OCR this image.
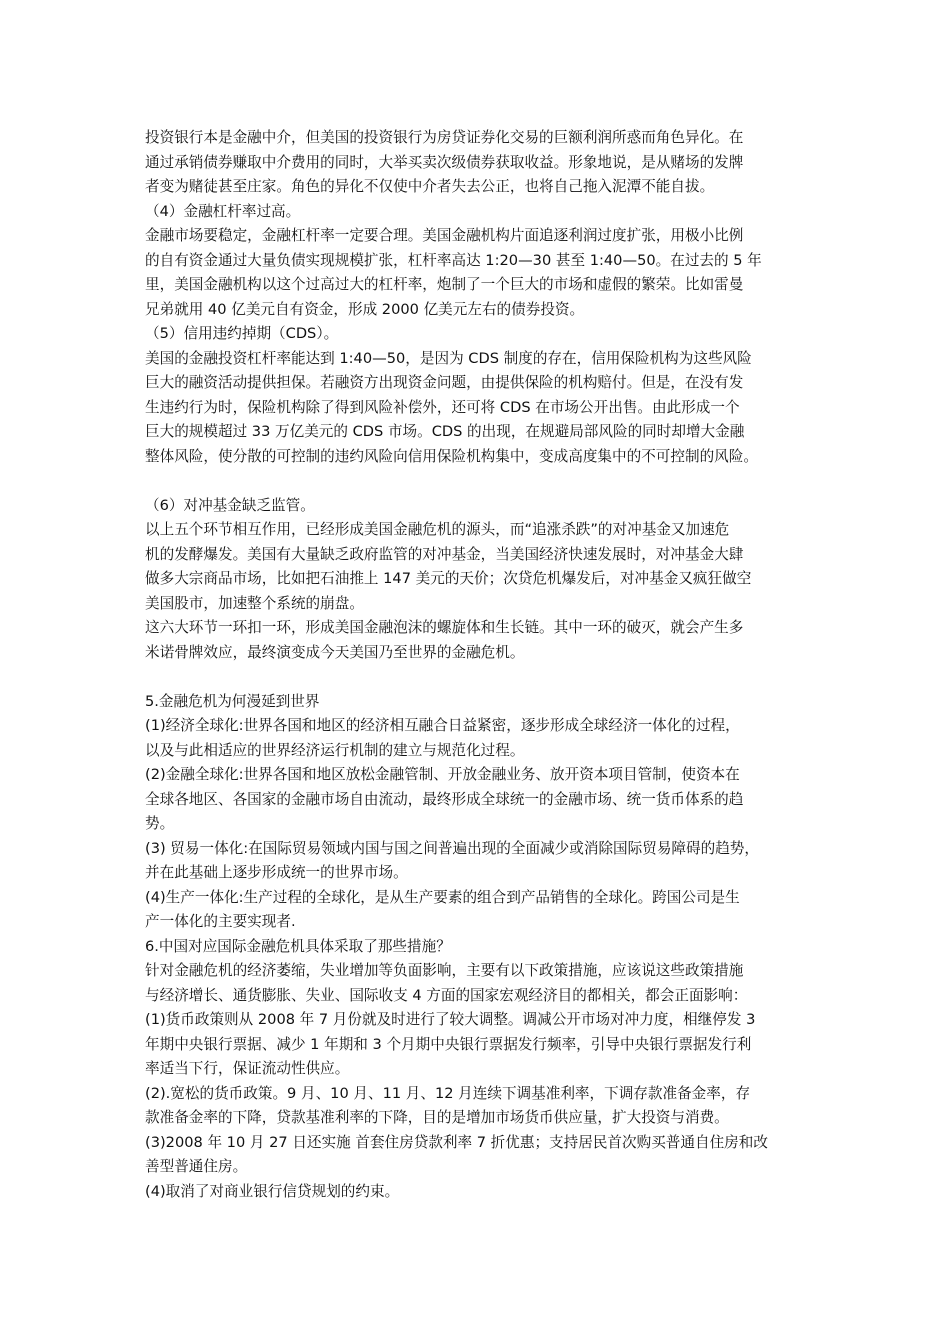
投资银行本是金融中介，但美国的投资银行为房贷证券化交易的巨额利润所惑而角色异化。在
通过承销债券赚取中介费用的同时，大举买卖次级债券获取收益。形象地说，是从赌场的发牌
者变为赌徒甚至庄家。角色的异化不仅使中介者失去公正，也将自己拖入泥潭不能自拔。
（4）金融杠杆率过高。
金融市场要稳定，金融杠杆率一定要合理。美国金融机构片面追逐利润过度扩张，用极小比例
的自有资金通过大量负债实现规模扩张，杠杆率高达 1:20—30 甚至 1:40—50。在过去的 5 年
里，美国金融机构以这个过高过大的杠杆率，炮制了一个巨大的市场和虚假的繁荣。比如雷曼
兄弟就用 40 亿美元自有资金，形成 2000 亿美元左右的债券投资。
（5）信用违约掉期（CDS）。
美国的金融投资杠杆率能达到 1:40—50，是因为 CDS 制度的存在，信用保险机构为这些风险
巨大的融资活动提供担保。若融资方出现资金问题，由提供保险的机构赔付。但是，在没有发
生违约行为时，保险机构除了得到风险补偿外，还可将 CDS 在市场公开出售。由此形成一个
巨大的规模超过 33 万亿美元的 CDS 市场。CDS 的出现，在规避局部风险的同时却增大金融
整体风险，使分散的可控制的违约风险向信用保险机构集中，变成高度集中的不可控制的风险。
（6）对冲基金缺乏监管。
以上五个环节相互作用，已经形成美国金融危机的源头，而“追涨杀跌”的对冲基金又加速危
机的发酵爆发。美国有大量缺乏政府监管的对冲基金，当美国经济快速发展时，对冲基金大肆
做多大宗商品市场，比如把石油推上 147 美元的天价；次贷危机爆发后，对冲基金又疯狂做空
美国股市，加速整个系统的崩盘。
这六大环节一环扣一环，形成美国金融泡沫的螺旋体和生长链。其中一环的破灭，就会产生多
米诺骨牌效应，最终演变成今天美国乃至世界的金融危机。
5.金融危机为何漫延到世界
(1)经济全球化:世界各国和地区的经济相互融合日益紧密，逐步形成全球经济一体化的过程，
以及与此相适应的世界经济运行机制的建立与规范化过程。
(2)金融全球化:世界各国和地区放松金融管制、开放金融业务、放开资本项目管制，使资本在
全球各地区、各国家的金融市场自由流动，最终形成全球统一的金融市场、统一货币体系的趋
势。
(3) 贸易一体化:在国际贸易领域内国与国之间普遍出现的全面减少或消除国际贸易障碍的趋势，
并在此基础上逐步形成统一的世界市场。
(4)生产一体化:生产过程的全球化，是从生产要素的组合到产品销售的全球化。跨国公司是生
产一体化的主要实现者.
6.中国对应国际金融危机具体采取了那些措施？
针对金融危机的经济萎缩，失业增加等负面影响，主要有以下政策措施，应该说这些政策措施
与经济增长、通货膨胀、失业、国际收支 4 方面的国家宏观经济目的都相关，都会正面影响：
(1)货币政策则从 2008 年 7 月份就及时进行了较大调整。调减公开市场对冲力度，相继停发 3
年期中央银行票据、减少 1 年期和 3 个月期中央银行票据发行频率，引导中央银行票据发行利
率适当下行，保证流动性供应。
(2).宽松的货币政策。9 月、10 月、11 月、12 月连续下调基准利率，下调存款准备金率，存
款准备金率的下降，贷款基准利率的下降，目的是增加市场货币供应量，扩大投资与消费。
(3)2008 年 10 月 27 日还实施 首套住房贷款利率 7 折优惠；支持居民首次购买普通自住房和改
善型普通住房。
(4)取消了对商业银行信贷规划的约束。
